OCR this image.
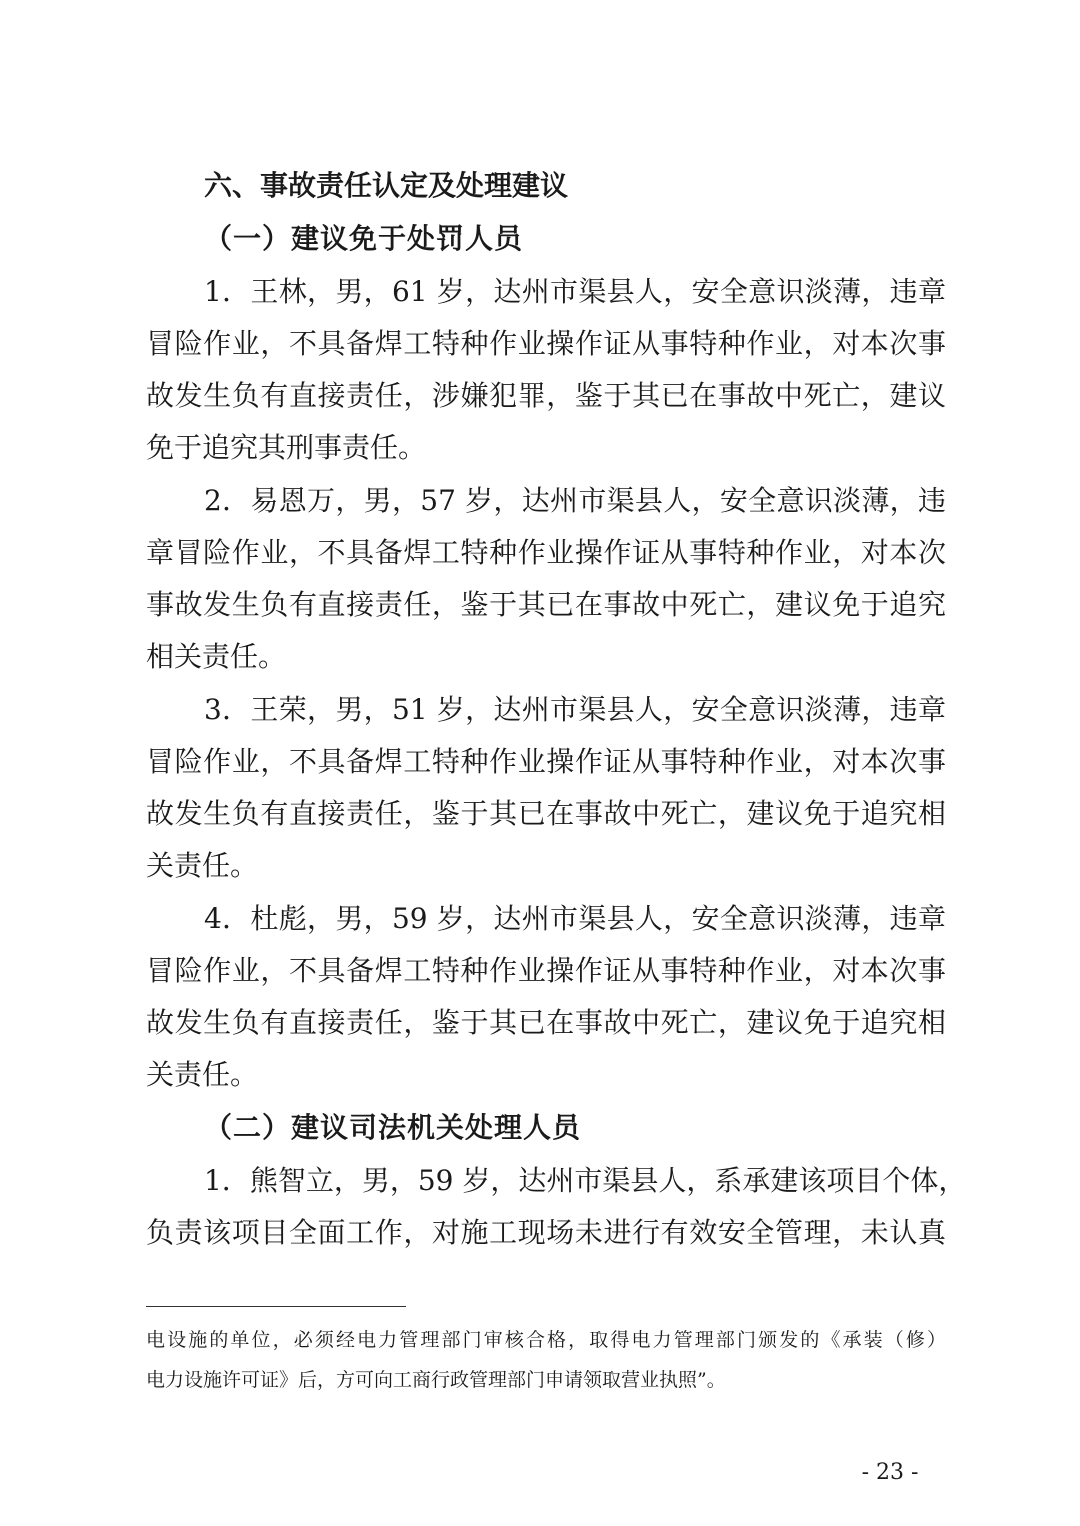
六、事故责任认定及处理建议
（一）建议免于处罚人员
1．王林，男，61 岁，达州市渠县人，安全意识淡薄，违章
冒险作业，不具备焊工特种作业操作证从事特种作业，对本次事
故发生负有直接责任，涉嫌犯罪，鉴于其已在事故中死亡，建议
免于追究其刑事责任。
2．易恩万，男，57 岁，达州市渠县人，安全意识淡薄，违
章冒险作业，不具备焊工特种作业操作证从事特种作业，对本次
事故发生负有直接责任，鉴于其已在事故中死亡，建议免于追究
相关责任。
3．王荣，男，51 岁，达州市渠县人，安全意识淡薄，违章
冒险作业，不具备焊工特种作业操作证从事特种作业，对本次事
故发生负有直接责任，鉴于其已在事故中死亡，建议免于追究相
关责任。
4．杜彪，男，59 岁，达州市渠县人，安全意识淡薄，违章
冒险作业，不具备焊工特种作业操作证从事特种作业，对本次事
故发生负有直接责任，鉴于其已在事故中死亡，建议免于追究相
关责任。
（二）建议司法机关处理人员
1．熊智立，男，59 岁，达州市渠县人，系承建该项目个体，
负责该项目全面工作，对施工现场未进行有效安全管理，未认真
电设施的单位，必须经电力管理部门审核合格，取得电力管理部门颁发的《承装（修）
电力设施许可证》后，方可向工商行政管理部门申请领取营业执照”。
- 23 -
